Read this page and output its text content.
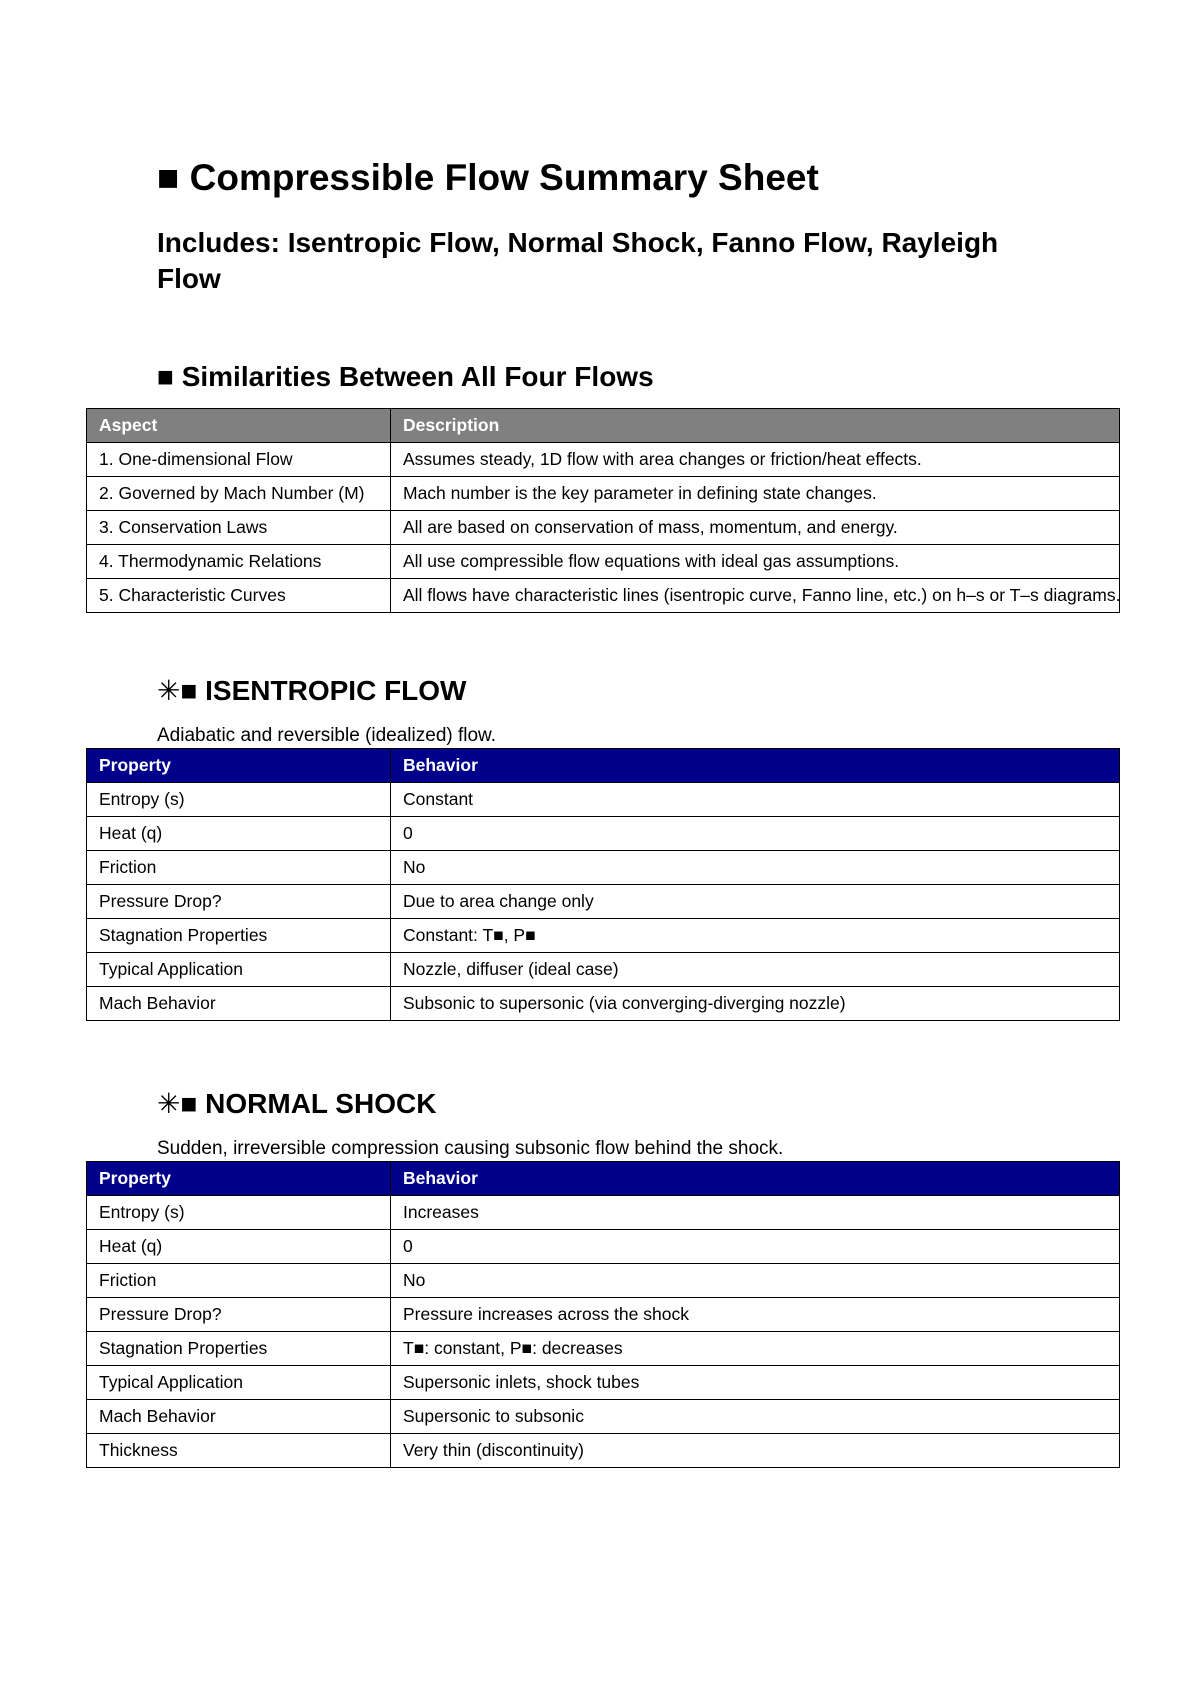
■ Compressible Flow Summary Sheet
Includes: Isentropic Flow, Normal Shock, Fanno Flow, Rayleigh Flow
■ Similarities Between All Four Flows
Aspect	Description
1. One-dimensional Flow	Assumes steady, 1D flow with area changes or friction/heat effects.
2. Governed by Mach Number (M)	Mach number is the key parameter in defining state changes.
3. Conservation Laws	All are based on conservation of mass, momentum, and energy.
4. Thermodynamic Relations	All use compressible flow equations with ideal gas assumptions.
5. Characteristic Curves	All flows have characteristic lines (isentropic curve, Fanno line, etc.) on h–s or T–s diagrams.
✳■ ISENTROPIC FLOW

Adiabatic and reversible (idealized) flow.

Property	Behavior
Entropy (s)	Constant
Heat (q)	0
Friction	No
Pressure Drop?	Due to area change only
Stagnation Properties	Constant: T■, P■
Typical Application	Nozzle, diffuser (ideal case)
Mach Behavior	Subsonic to supersonic (via converging-diverging nozzle)
✳■ NORMAL SHOCK

Sudden, irreversible compression causing subsonic flow behind the shock.

Property	Behavior
Entropy (s)	Increases
Heat (q)	0
Friction	No
Pressure Drop?	Pressure increases across the shock
Stagnation Properties	T■: constant, P■: decreases
Typical Application	Supersonic inlets, shock tubes
Mach Behavior	Supersonic to subsonic
Thickness	Very thin (discontinuity)
